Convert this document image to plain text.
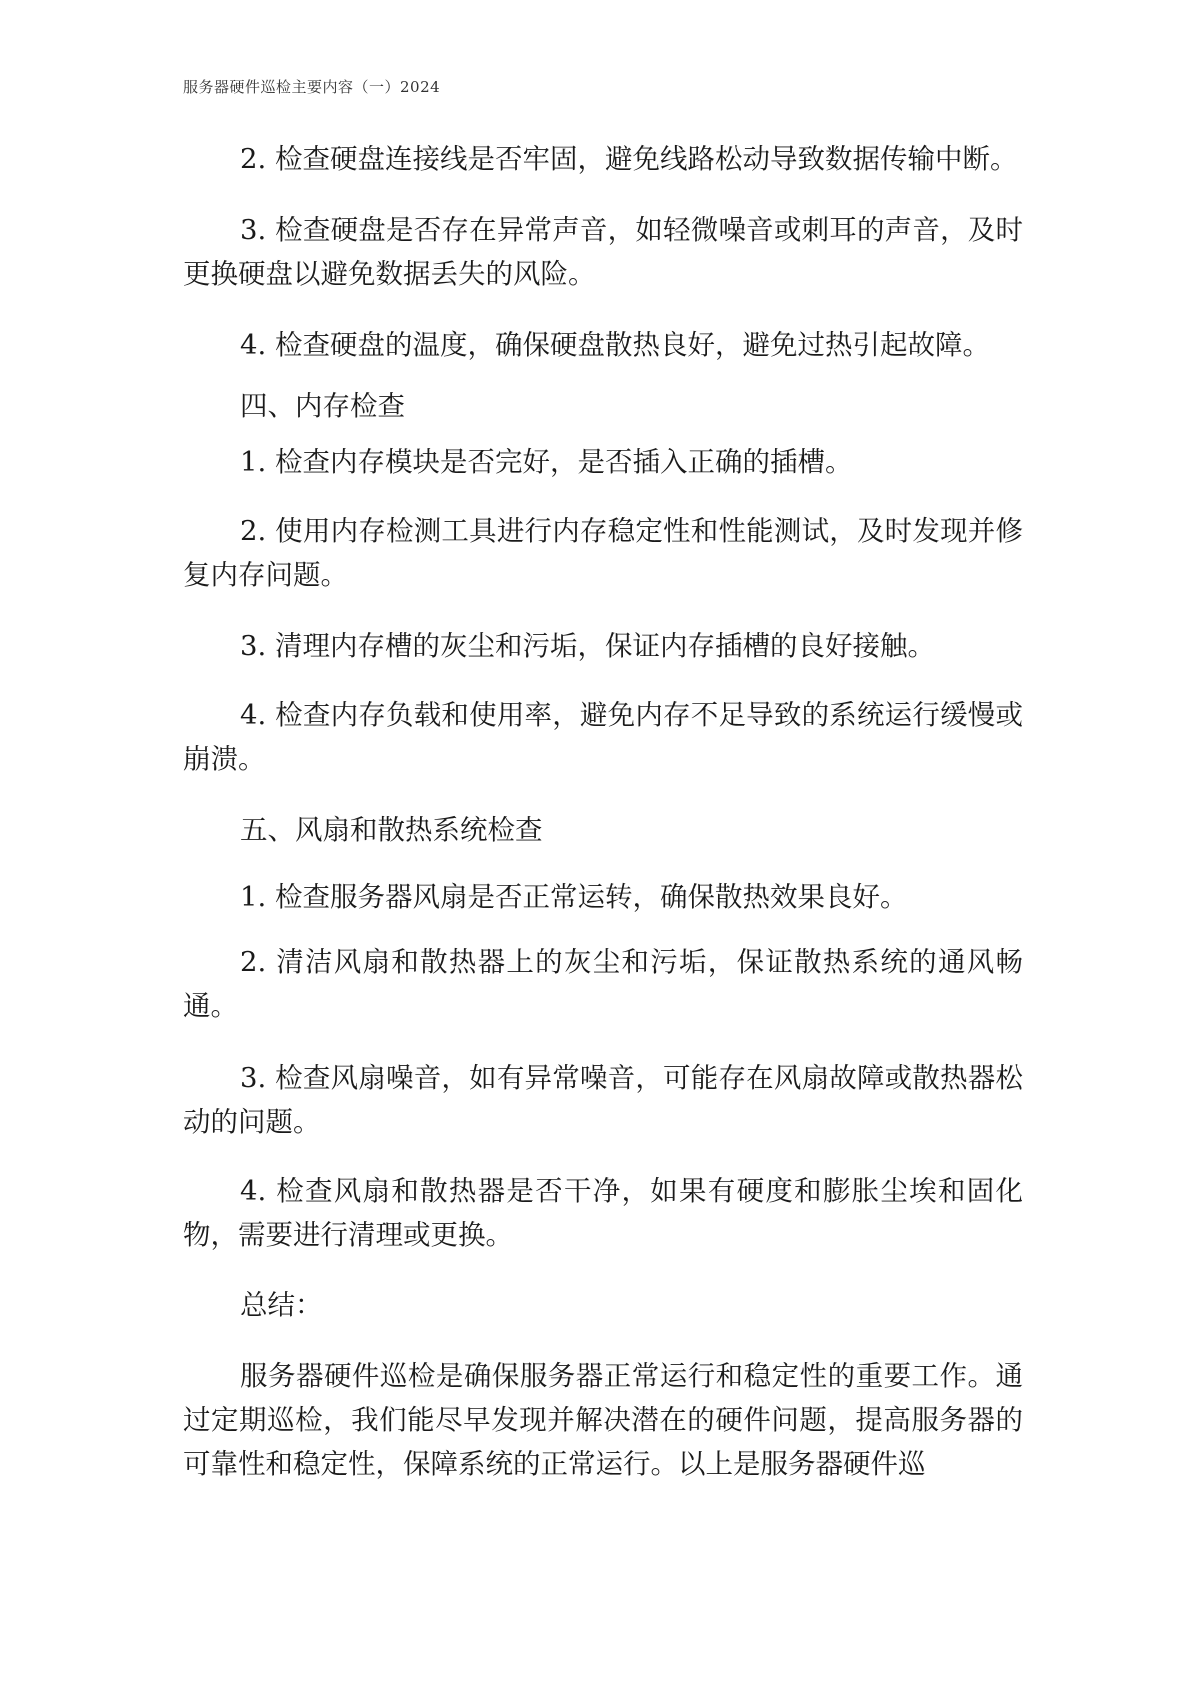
服务器硬件巡检主要内容（一）2024

2. 检查硬盘连接线是否牢固，避免线路松动导致数据传输中断。

3. 检查硬盘是否存在异常声音，如轻微噪音或刺耳的声音，及时更换硬盘以避免数据丢失的风险。

4. 检查硬盘的温度，确保硬盘散热良好，避免过热引起故障。

四、内存检查

1. 检查内存模块是否完好，是否插入正确的插槽。

2. 使用内存检测工具进行内存稳定性和性能测试，及时发现并修复内存问题。

3. 清理内存槽的灰尘和污垢，保证内存插槽的良好接触。

4. 检查内存负载和使用率，避免内存不足导致的系统运行缓慢或崩溃。

五、风扇和散热系统检查

1. 检查服务器风扇是否正常运转，确保散热效果良好。

2. 清洁风扇和散热器上的灰尘和污垢，保证散热系统的通风畅通。

3. 检查风扇噪音，如有异常噪音，可能存在风扇故障或散热器松动的问题。

4. 检查风扇和散热器是否干净，如果有硬度和膨胀尘埃和固化物，需要进行清理或更换。

总结：

服务器硬件巡检是确保服务器正常运行和稳定性的重要工作。通过定期巡检，我们能尽早发现并解决潜在的硬件问题，提高服务器的可靠性和稳定性，保障系统的正常运行。以上是服务器硬件巡
